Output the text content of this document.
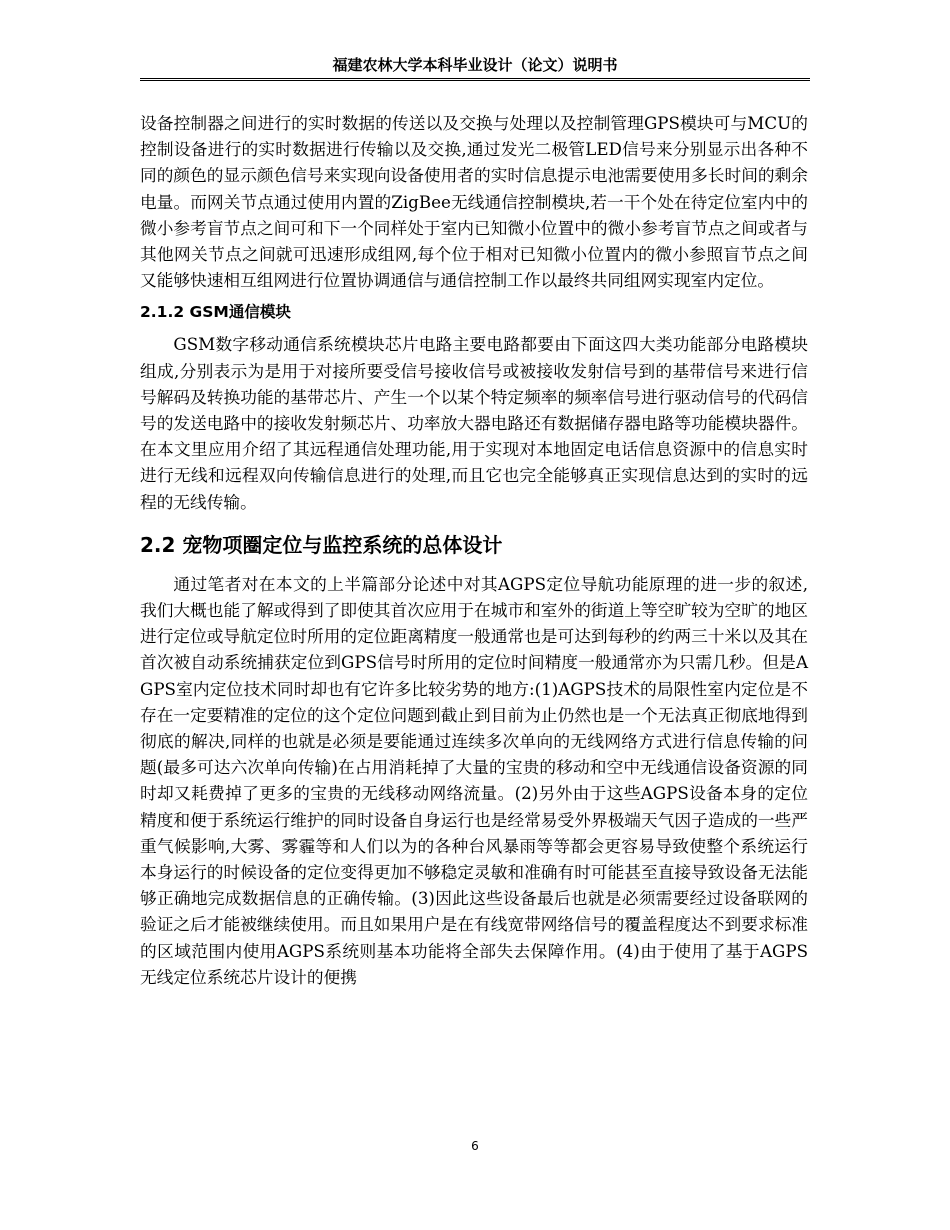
福建农林大学本科毕业设计（论文）说明书

设备控制器之间进行的实时数据的传送以及交换与处理以及控制管理GPS模块可与MCU的控制设备进行的实时数据进行传输以及交换,通过发光二极管LED信号来分别显示出各种不同的颜色的显示颜色信号来实现向设备使用者的实时信息提示电池需要使用多长时间的剩余电量。而网关节点通过使用内置的ZigBee无线通信控制模块,若一干个处在待定位室内中的微小参考盲节点之间可和下一个同样处于室内已知微小位置中的微小参考盲节点之间或者与其他网关节点之间就可迅速形成组网,每个位于相对已知微小位置内的微小参照盲节点之间又能够快速相互组网进行位置协调通信与通信控制工作以最终共同组网实现室内定位。

2.1.2 GSM通信模块

GSM数字移动通信系统模块芯片电路主要电路都要由下面这四大类功能部分电路模块组成,分别表示为是用于对接所要受信号接收信号或被接收发射信号到的基带信号来进行信号解码及转换功能的基带芯片、产生一个以某个特定频率的频率信号进行驱动信号的代码信号的发送电路中的接收发射频芯片、功率放大器电路还有数据储存器电路等功能模块器件。在本文里应用介绍了其远程通信处理功能,用于实现对本地固定电话信息资源中的信息实时进行无线和远程双向传输信息进行的处理,而且它也完全能够真正实现信息达到的实时的远程的无线传输。

2.2 宠物项圈定位与监控系统的总体设计

通过笔者对在本文的上半篇部分论述中对其AGPS定位导航功能原理的进一步的叙述,我们大概也能了解或得到了即使其首次应用于在城市和室外的街道上等空旷较为空旷的地区进行定位或导航定位时所用的定位距离精度一般通常也是可达到每秒的约两三十米以及其在首次被自动系统捕获定位到GPS信号时所用的定位时间精度一般通常亦为只需几秒。但是AGPS室内定位技术同时却也有它许多比较劣势的地方:(1)AGPS技术的局限性室内定位是不存在一定要精准的定位的这个定位问题到截止到目前为止仍然也是一个无法真正彻底地得到彻底的解决,同样的也就是必须是要能通过连续多次单向的无线网络方式进行信息传输的问题(最多可达六次单向传输)在占用消耗掉了大量的宝贵的移动和空中无线通信设备资源的同时却又耗费掉了更多的宝贵的无线移动网络流量。(2)另外由于这些AGPS设备本身的定位精度和便于系统运行维护的同时设备自身运行也是经常易受外界极端天气因子造成的一些严重气候影响,大雾、雾霾等和人们以为的各种台风暴雨等等都会更容易导致使整个系统运行本身运行的时候设备的定位变得更加不够稳定灵敏和准确有时可能甚至直接导致设备无法能够正确地完成数据信息的正确传输。(3)因此这些设备最后也就是必须需要经过设备联网的验证之后才能被继续使用。而且如果用户是在有线宽带网络信号的覆盖程度达不到要求标准的区域范围内使用AGPS系统则基本功能将全部失去保障作用。(4)由于使用了基于AGPS无线定位系统芯片设计的便携

6
